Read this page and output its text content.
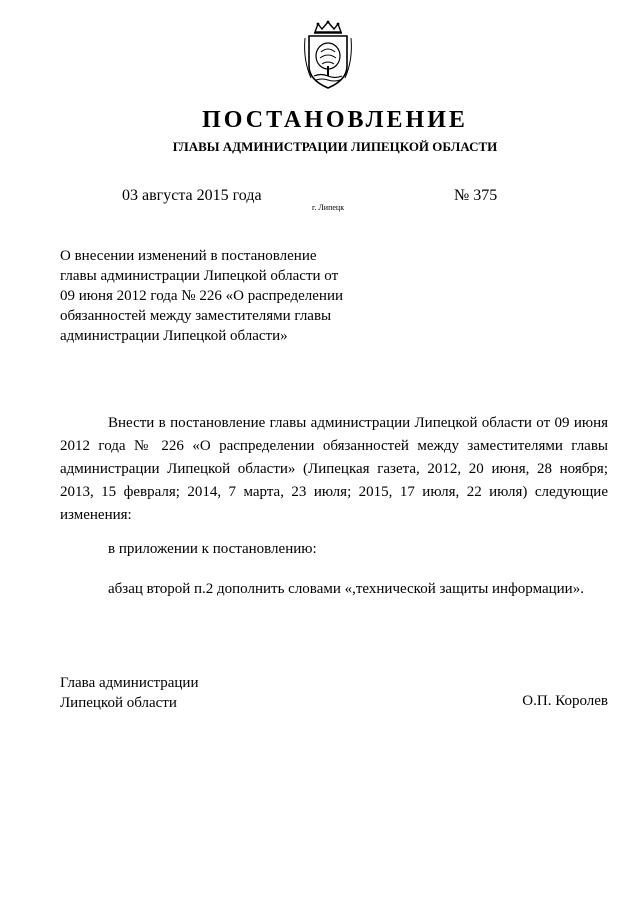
ПОСТАНОВЛЕНИЕ
ГЛАВЫ АДМИНИСТРАЦИИ ЛИПЕЦКОЙ ОБЛАСТИ
03 августа 2015 года
г. Липецк
№ 375
О внесении изменений в постановление
главы администрации Липецкой области от
09 июня 2012 года № 226 «О распределении
обязанностей между заместителями главы
администрации Липецкой области»
Внести в постановление главы администрации Липецкой области от 09 июня
2012 года № 226 «О распределении обязанностей между заместителями главы
администрации Липецкой области» (Липецкая газета, 2012, 20 июня, 28 ноября;
2013, 15 февраля; 2014, 7 марта, 23 июля; 2015, 17 июля, 22 июля) следующие
изменения:
в приложении к постановлению:
абзац второй п.2 дополнить словами «,технической защиты информации».
Глава администрации
Липецкой области	О.П. Королев
